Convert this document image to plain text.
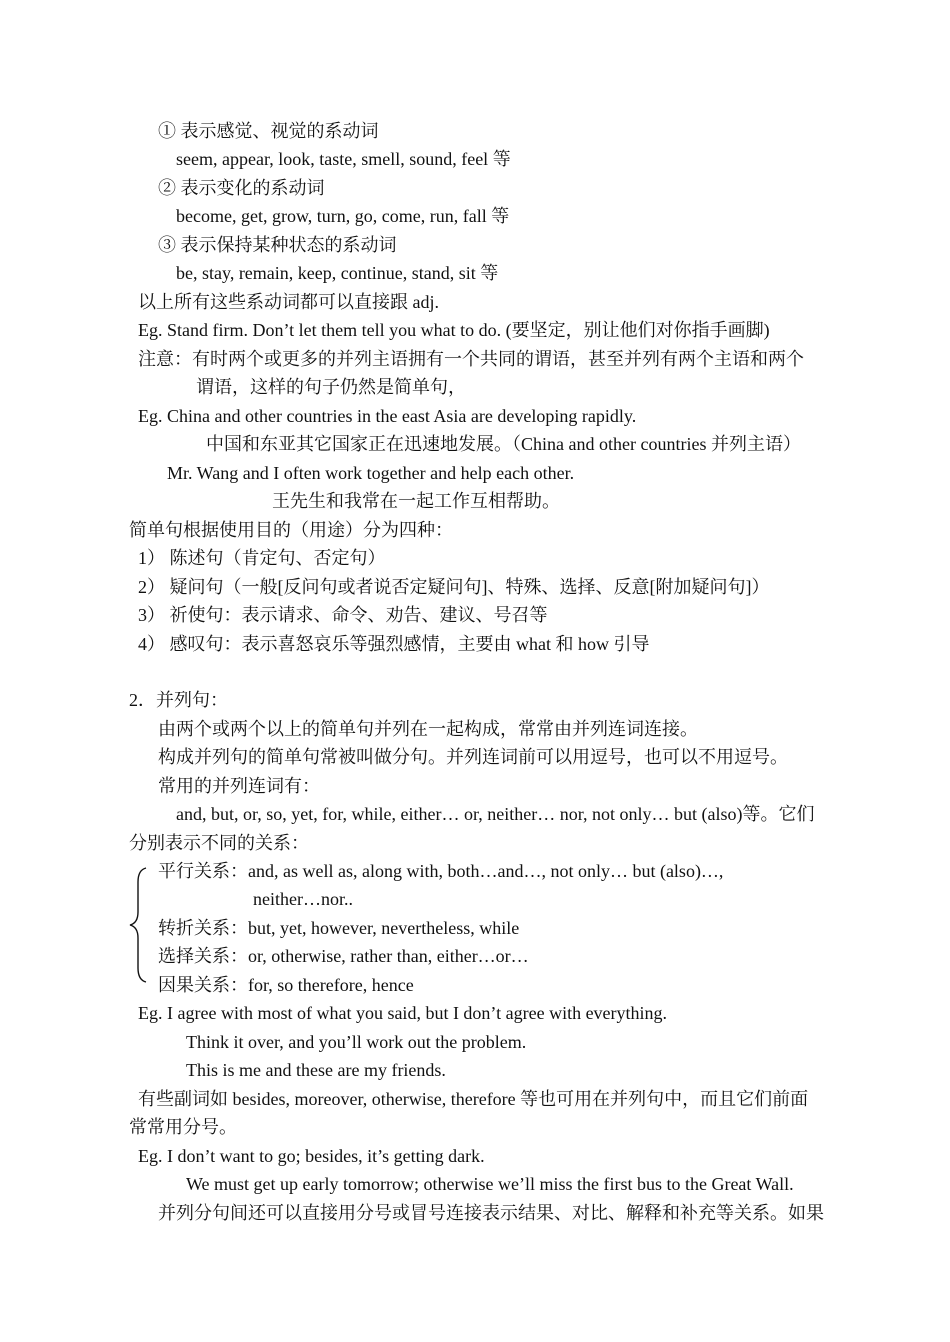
① 表示感觉、视觉的系动词
seem, appear, look, taste, smell, sound, feel 等
② 表示变化的系动词
become, get, grow, turn, go, come, run, fall 等
③ 表示保持某种状态的系动词
be, stay, remain, keep, continue, stand, sit 等
以上所有这些系动词都可以直接跟 adj.
Eg. Stand firm. Don’t let them tell you what to do. (要坚定，别让他们对你指手画脚)
注意：有时两个或更多的并列主语拥有一个共同的谓语，甚至并列有两个主语和两个
谓语，这样的句子仍然是简单句，
Eg. China and other countries in the east Asia are developing rapidly.
中国和东亚其它国家正在迅速地发展。（China and other countries 并列主语）
Mr. Wang and I often work together and help each other.
王先生和我常在一起工作互相帮助。
简单句根据使用目的（用途）分为四种：
1） 陈述句（肯定句、否定句）
2） 疑问句（一般[反问句或者说否定疑问句]、特殊、选择、反意[附加疑问句]）
3） 祈使句：表示请求、命令、劝告、建议、号召等
4） 感叹句：表示喜怒哀乐等强烈感情，主要由 what 和 how 引导
2．并列句：
由两个或两个以上的简单句并列在一起构成，常常由并列连词连接。
构成并列句的简单句常被叫做分句。并列连词前可以用逗号，也可以不用逗号。
常用的并列连词有：
and, but, or, so, yet, for, while, either… or, neither… nor, not only… but (also)等。它们
分别表示不同的关系：
平行关系：and, as well as, along with, both…and…, not only… but (also)…,
neither…nor..
转折关系：but, yet, however, nevertheless, while
选择关系：or, otherwise, rather than, either…or…
因果关系：for, so therefore, hence
Eg. I agree with most of what you said, but I don’t agree with everything.
Think it over, and you’ll work out the problem.
This is me and these are my friends.
有些副词如 besides, moreover, otherwise, therefore 等也可用在并列句中，而且它们前面
常常用分号。
Eg. I don’t want to go; besides, it’s getting dark.
We must get up early tomorrow; otherwise we’ll miss the first bus to the Great Wall.
并列分句间还可以直接用分号或冒号连接表示结果、对比、解释和补充等关系。如果
